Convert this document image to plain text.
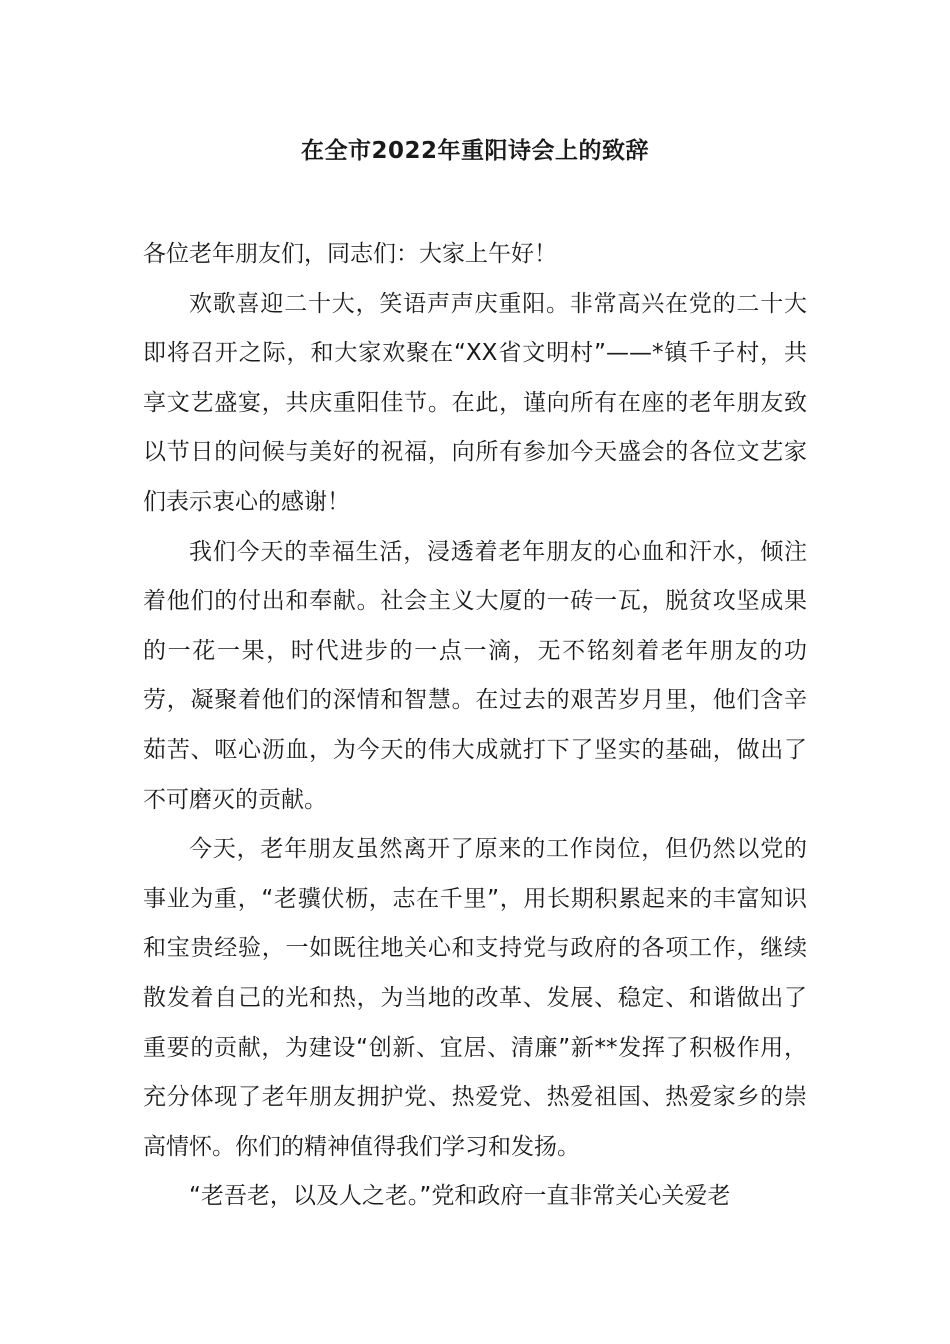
在全市2022年重阳诗会上的致辞

各位老年朋友们，同志们：大家上午好！

欢歌喜迎二十大，笑语声声庆重阳。非常高兴在党的二十大即将召开之际，和大家欢聚在“XX省文明村”——*镇千子村，共享文艺盛宴，共庆重阳佳节。在此，谨向所有在座的老年朋友致以节日的问候与美好的祝福，向所有参加今天盛会的各位文艺家们表示衷心的感谢！

我们今天的幸福生活，浸透着老年朋友的心血和汗水，倾注着他们的付出和奉献。社会主义大厦的一砖一瓦，脱贫攻坚成果的一花一果，时代进步的一点一滴，无不铭刻着老年朋友的功劳，凝聚着他们的深情和智慧。在过去的艰苦岁月里，他们含辛茹苦、呕心沥血，为今天的伟大成就打下了坚实的基础，做出了不可磨灭的贡献。

今天，老年朋友虽然离开了原来的工作岗位，但仍然以党的事业为重，“老骥伏枥，志在千里”，用长期积累起来的丰富知识和宝贵经验，一如既往地关心和支持党与政府的各项工作，继续散发着自己的光和热，为当地的改革、发展、稳定、和谐做出了重要的贡献，为建设“创新、宜居、清廉”新**发挥了积极作用，充分体现了老年朋友拥护党、热爱党、热爱祖国、热爱家乡的崇高情怀。你们的精神值得我们学习和发扬。

“老吾老，以及人之老。”党和政府一直非常关心关爱老
